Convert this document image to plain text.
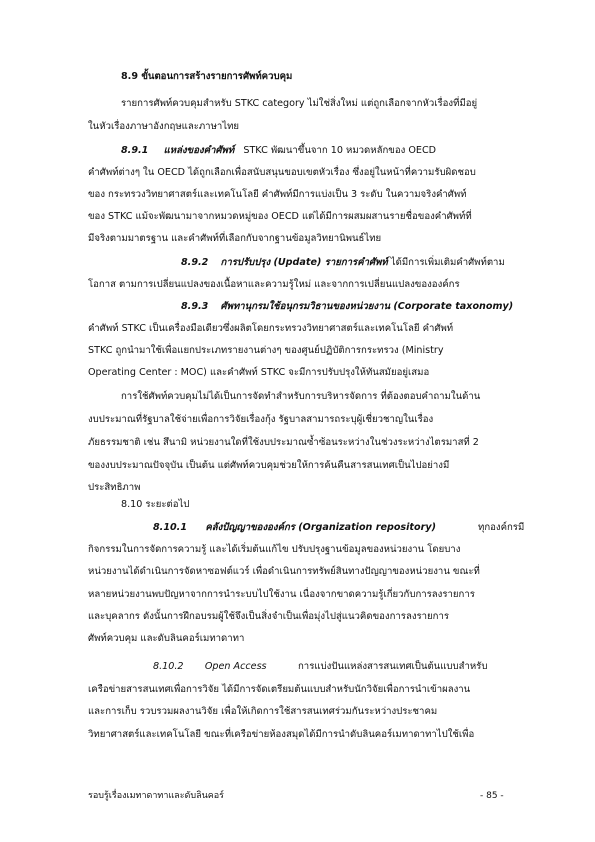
8.9 ขั้นตอนการสร้างรายการศัพท์ควบคุม
รายการศัพท์ควบคุมสำหรับ STKC category ไม่ใช่สิ่งใหม่ แต่ถูกเลือกจากหัวเรื่องที่มีอยู่
ในหัวเรื่องภาษาอังกฤษและภาษาไทย
8.9.1 แหล่งของคำศัพท์ STKC พัฒนาขึ้นจาก 10 หมวดหลักของ OECD
คำศัพท์ต่างๆ ใน OECD ได้ถูกเลือกเพื่อสนับสนุนขอบเขตหัวเรื่อง ซึ่งอยู่ในหน้าที่ความรับผิดชอบ
ของ กระทรวงวิทยาศาสตร์และเทคโนโลยี คำศัพท์มีการแบ่งเป็น 3 ระดับ ในความจริงคำศัพท์
ของ STKC แม้จะพัฒนามาจากหมวดหมู่ของ OECD แต่ได้มีการผสมผสานรายชื่อของคำศัพท์ที่
มีจริงตามมาตรฐาน และคำศัพท์ที่เลือกกับจากฐานข้อมูลวิทยานิพนธ์ไทย
8.9.2 การปรับปรุง (Update) รายการคำศัพท์ ได้มีการเพิ่มเติมคำศัพท์ตาม
โอกาส ตามการเปลี่ยนแปลงของเนื้อหาและความรู้ใหม่ และจากการเปลี่ยนแปลงขององค์กร
8.9.3 ศัพทานุกรมใช้อนุกรมวิธานของหน่วยงาน (Corporate taxonomy)
คำศัพท์ STKC เป็นเครื่องมือเดียวซึ่งผลิตโดยกระทรวงวิทยาศาสตร์และเทคโนโลยี คำศัพท์
STKC ถูกนำมาใช้เพื่อแยกประเภทรายงานต่างๆ ของศูนย์ปฏิบัติการกระทรวง (Ministry
Operating Center : MOC) และคำศัพท์ STKC จะมีการปรับปรุงให้ทันสมัยอยู่เสมอ
การใช้ศัพท์ควบคุมไม่ได้เป็นการจัดทำสำหรับการบริหารจัดการ ที่ต้องตอบคำถามในด้าน
งบประมาณที่รัฐบาลใช้จ่ายเพื่อการวิจัยเรื่องกุ้ง รัฐบาลสามารถระบุผู้เชี่ยวชาญในเรื่อง
ภัยธรรมชาติ เช่น สึนามิ หน่วยงานใดที่ใช้งบประมาณซ้ำซ้อนระหว่างในช่วงระหว่างไตรมาสที่ 2
ของงบประมาณปัจจุบัน เป็นต้น แต่ศัพท์ควบคุมช่วยให้การค้นคืนสารสนเทศเป็นไปอย่างมี
ประสิทธิภาพ
8.10 ระยะต่อไป
8.10.1 คลังปัญญาขององค์กร (Organization repository)	ทุกองค์กรมี
กิจกรรมในการจัดการความรู้ และได้เริ่มต้นแก้ไข ปรับปรุงฐานข้อมูลของหน่วยงาน โดยบาง
หน่วยงานได้ดำเนินการจัดหาซอฟต์แวร์ เพื่อดำเนินการทรัพย์สินทางปัญญาของหน่วยงาน ขณะที่
หลายหน่วยงานพบปัญหาจากการนำระบบไปใช้งาน เนื่องจากขาดความรู้เกี่ยวกับการลงรายการ
และบุคลากร ดังนั้นการฝึกอบรมผู้ใช้จึงเป็นสิ่งจำเป็นเพื่อมุ่งไปสู่แนวคิดของการลงรายการ
ศัพท์ควบคุม และดับลินคอร์เมทาดาทา
8.10.2 Open Access	การแบ่งปันแหล่งสารสนเทศเป็นต้นแบบสำหรับ
เครือข่ายสารสนเทศเพื่อการวิจัย ได้มีการจัดเตรียมต้นแบบสำหรับนักวิจัยเพื่อการนำเข้าผลงาน
และการเก็บ รวบรวมผลงานวิจัย เพื่อให้เกิดการใช้สารสนเทศร่วมกันระหว่างประชาคม
วิทยาศาสตร์และเทคโนโลยี ขณะที่เครือข่ายห้องสมุดได้มีการนำดับลินคอร์เมทาดาทาไปใช้เพื่อ
รอบรู้เรื่องเมทาดาทาและดับลินคอร์	- 85 -
